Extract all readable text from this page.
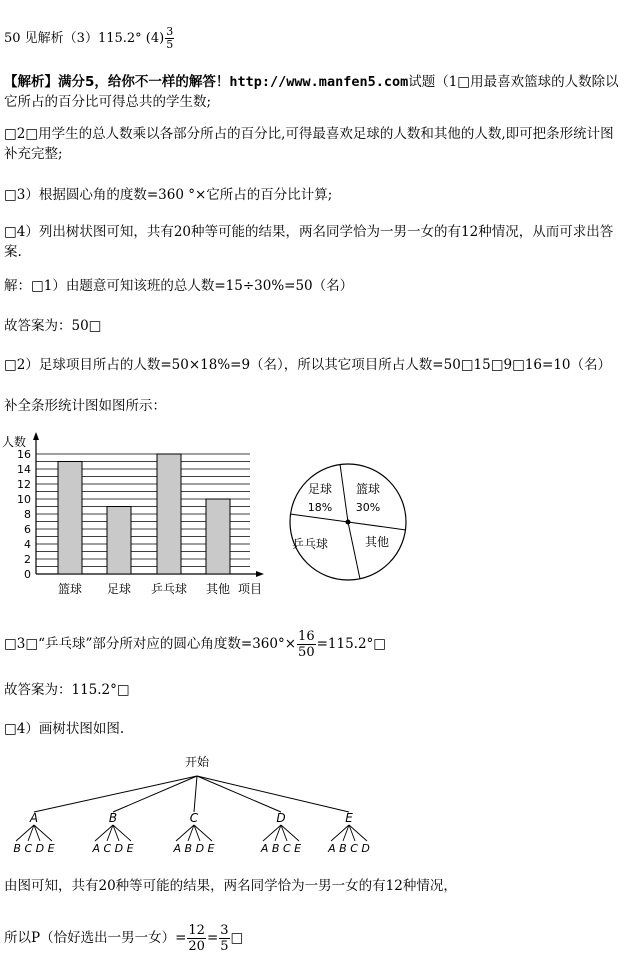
50 见解析（3）115.2° $(4) \frac{3}{5}$
【解析】满分5，给你不一样的解答！http://www.manfen5.com试题（1□用最喜欢篮球的人数除以它所占的百分比可得总共的学生数;
□2□用学生的总人数乘以各部分所占的百分比,可得最喜欢足球的人数和其他的人数,即可把条形统计图补充完整;
□3）根据圆心角的度数=360 °×它所占的百分比计算;
□4）列出树状图可知，共有20种等可能的结果，两名同学恰为一男一女的有12种情况，从而可求出答案.
解：□1）由题意可知该班的总人数=15÷30%=50（名）
故答案为：50□
□2）足球项目所占的人数=50×18%=9（名），所以其它项目所占人数=50□15□9□16=10（名）
补全条形统计图如图所示：
0
2
4
6
8
10
12
14
16
人数
项目
篮球 足球 乒乓球 其他
足球
18%
篮球
30%
乒乓球	其他
□3□“乒乓球”部分所对应的圆心角度数$=360^\circ\times \frac{16}{50}$ =115.2°□
故答案为：115.2°□
□4）画树状图如图.
开始
A
B C D E
B
A C D E
C
A B D E
D
A B C E
E
A B C D
由图可知，共有20种等可能的结果，两名同学恰为一男一女的有12种情况，
所以P（恰好选出一男一女）= $\frac{12}{20} = \frac{3}{5}$ □
